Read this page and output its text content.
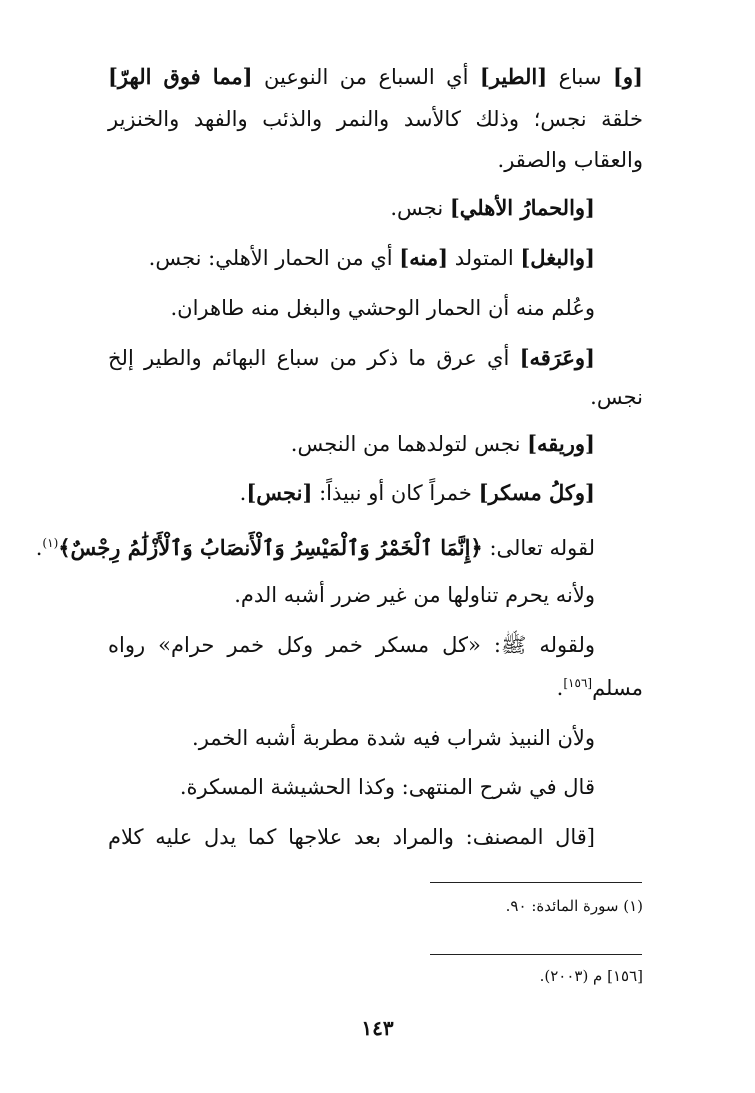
[و] سباع [الطير] أي السباع من النوعين [مما فوق الهرّ]
خلقة نجس؛ وذلك كالأسد والنمر والذئب والفهد والخنزير
والعقاب والصقر.
[والحمارُ الأهلي] نجس.
[والبغل] المتولد [منه] أي من الحمار الأهلي: نجس.
وعُلم منه أن الحمار الوحشي والبغل منه طاهران.
[وعَرَقه] أي عرق ما ذكر من سباع البهائم والطير إلخ
نجس.
[وريقه] نجس لتولدهما من النجس.
[وكلُ مسكر] خمراً كان أو نبيذاً: [نجس].
لقوله تعالى: ﴿إِنَّمَا ٱلْخَمْرُ وَٱلْمَيْسِرُ وَٱلْأَنصَابُ وَٱلْأَزْلَٰمُ رِجْسٌ﴾$^{(١)}$.
ولأنه يحرم تناولها من غير ضرر أشبه الدم.
ولقوله ﷺ: «كل مسكر خمر وكل خمر حرام» رواه
مسلم[١٥٦].
ولأن النبيذ شراب فيه شدة مطربة أشبه الخمر.
قال في شرح المنتهى: وكذا الحشيشة المسكرة.
[قال المصنف: والمراد بعد علاجها كما يدل عليه كلام
(١) سورة المائدة: ٩٠.
[١٥٦] م (٢٠٠٣).
١٤٣
